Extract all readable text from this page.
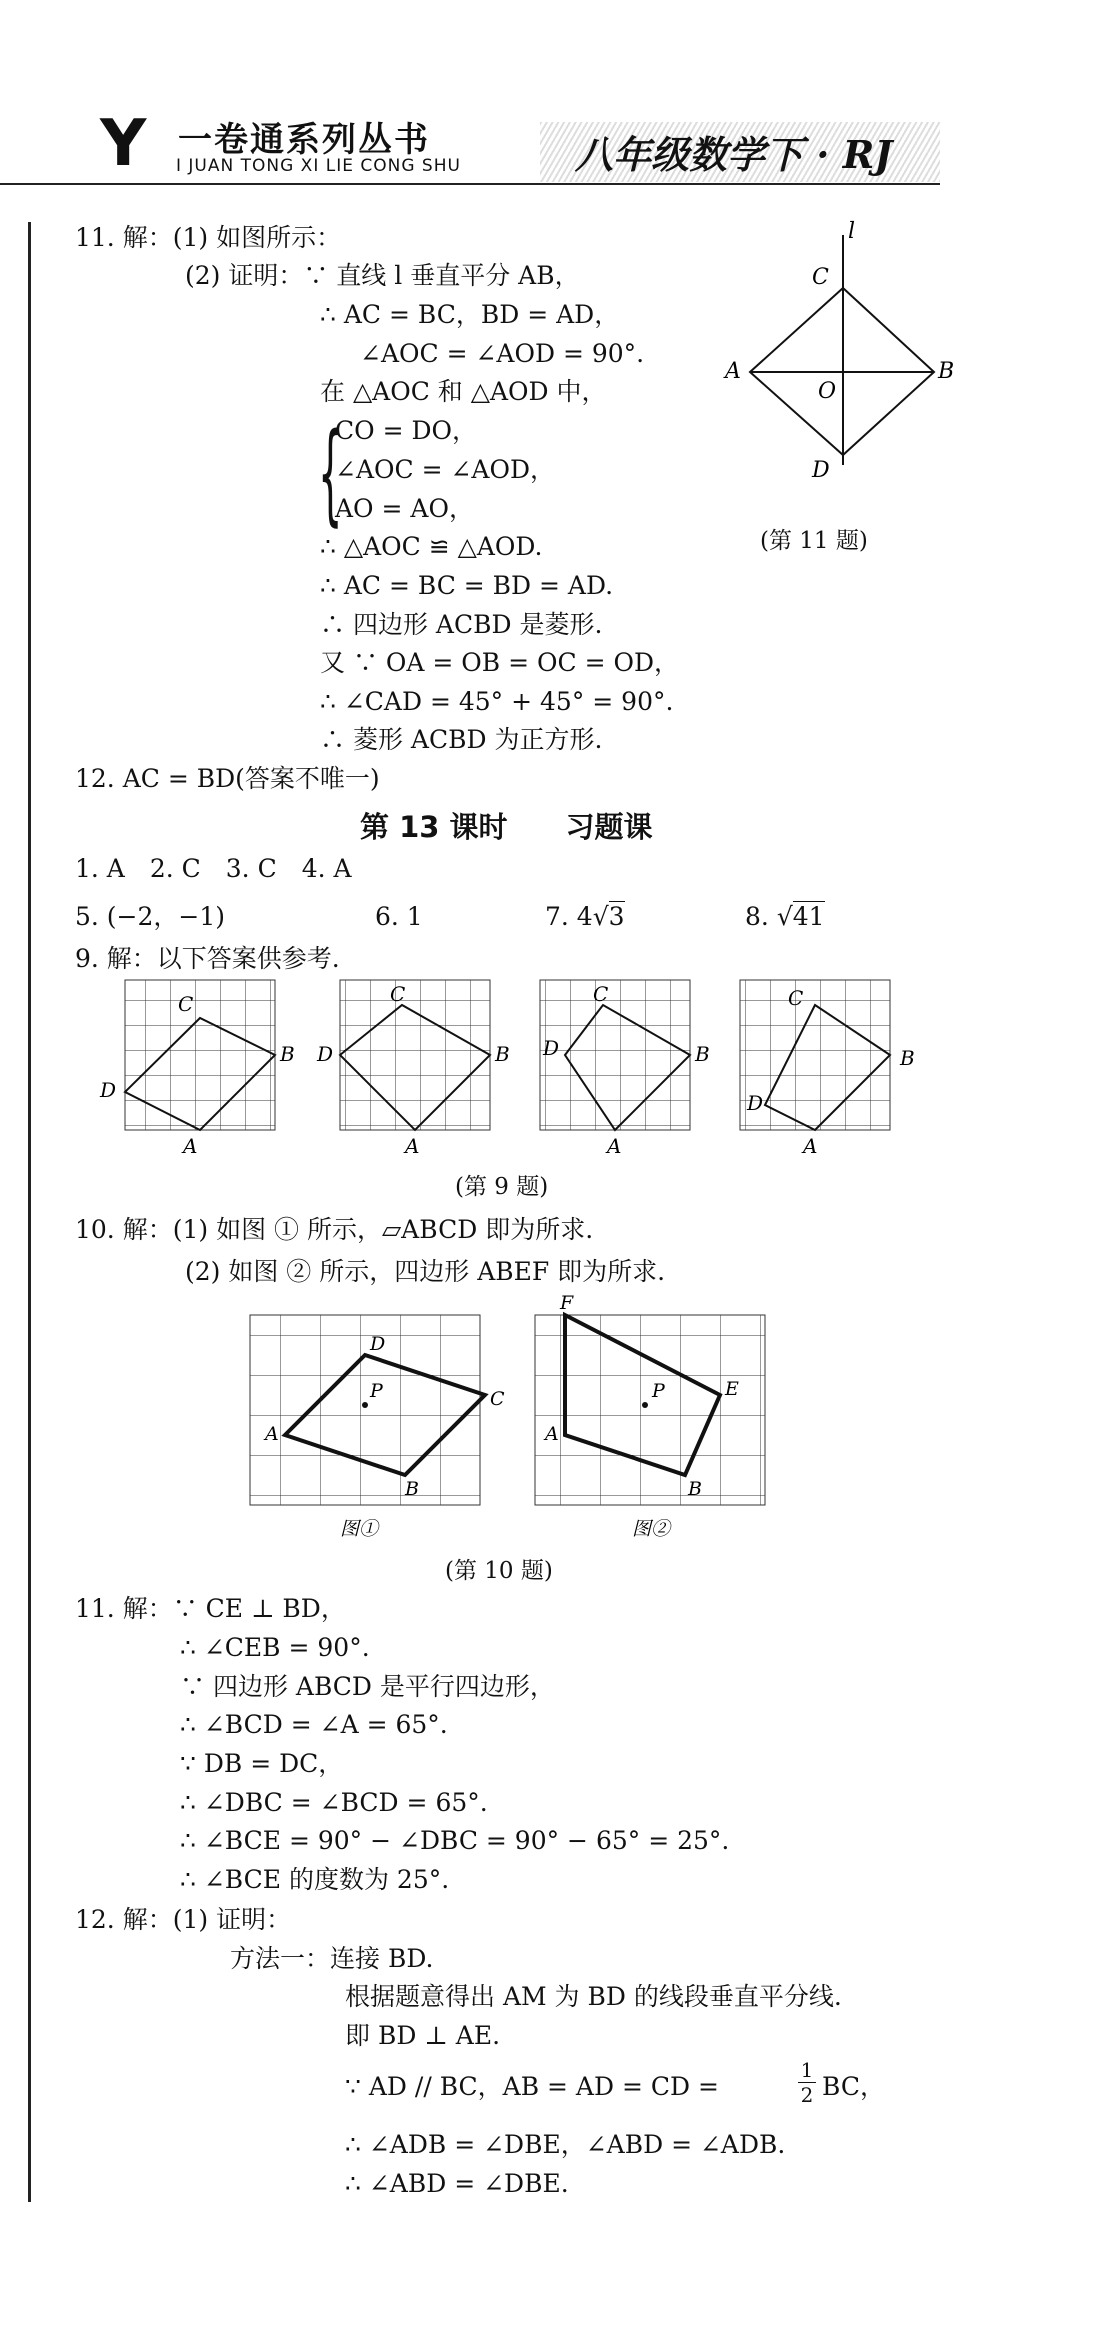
Y 一卷通系列丛书
I JUAN TONG XI LIE CONG SHU	八年级数学下 · RJ
11. 解：(1) 如图所示：
(2) 证明：∵ 直线 l 垂直平分 AB，
∴ AC = BC，BD = AD，
∠AOC = ∠AOD = 90°.
在 △AOC 和 △AOD 中，
{
CO = DO，
∠AOC = ∠AOD，
AO = AO，
∴ △AOC ≌ △AOD.
∴ AC = BC = BD = AD.
∴ 四边形 ACBD 是菱形.
又 ∵ OA = OB = OC = OD，
∴ ∠CAD = 45° + 45° = 90°.
∴ 菱形 ACBD 为正方形.
l
C
A	B
O
D
(第 11 题)
12. AC = BD(答案不唯一)
第 13 课时　　习题课
1. A　2. C　3. C　4. A
5. (−2，−1)	6. 1	7. 4√3	8. √41
9. 解：以下答案供参考.
C
B
D
A
C
B
D
A
C
B
D
A
C
B
D
A
(第 9 题)
10. 解：(1) 如图 ① 所示，▱ABCD 即为所求.
(2) 如图 ② 所示，四边形 ABEF 即为所求.
P
D
C
A
B
P
F
E
A
B
图①	图②
(第 10 题)
11. 解：∵ CE ⊥ BD，
∴ ∠CEB = 90°.
∵ 四边形 ABCD 是平行四边形，
∴ ∠BCD = ∠A = 65°.
∵ DB = DC，
∴ ∠DBC = ∠BCD = 65°.
∴ ∠BCE = 90° − ∠DBC = 90° − 65° = 25°.
∴ ∠BCE 的度数为 25°.
12. 解：(1) 证明：
方法一：连接 BD.
根据题意得出 AM 为 BD 的线段垂直平分线.
即 BD ⊥ AE.
∵ AD // BC，AB = AD = CD =	$\frac{1}{2}$ BC，
∴ ∠ADB = ∠DBE，∠ABD = ∠ADB.
∴ ∠ABD = ∠DBE.
